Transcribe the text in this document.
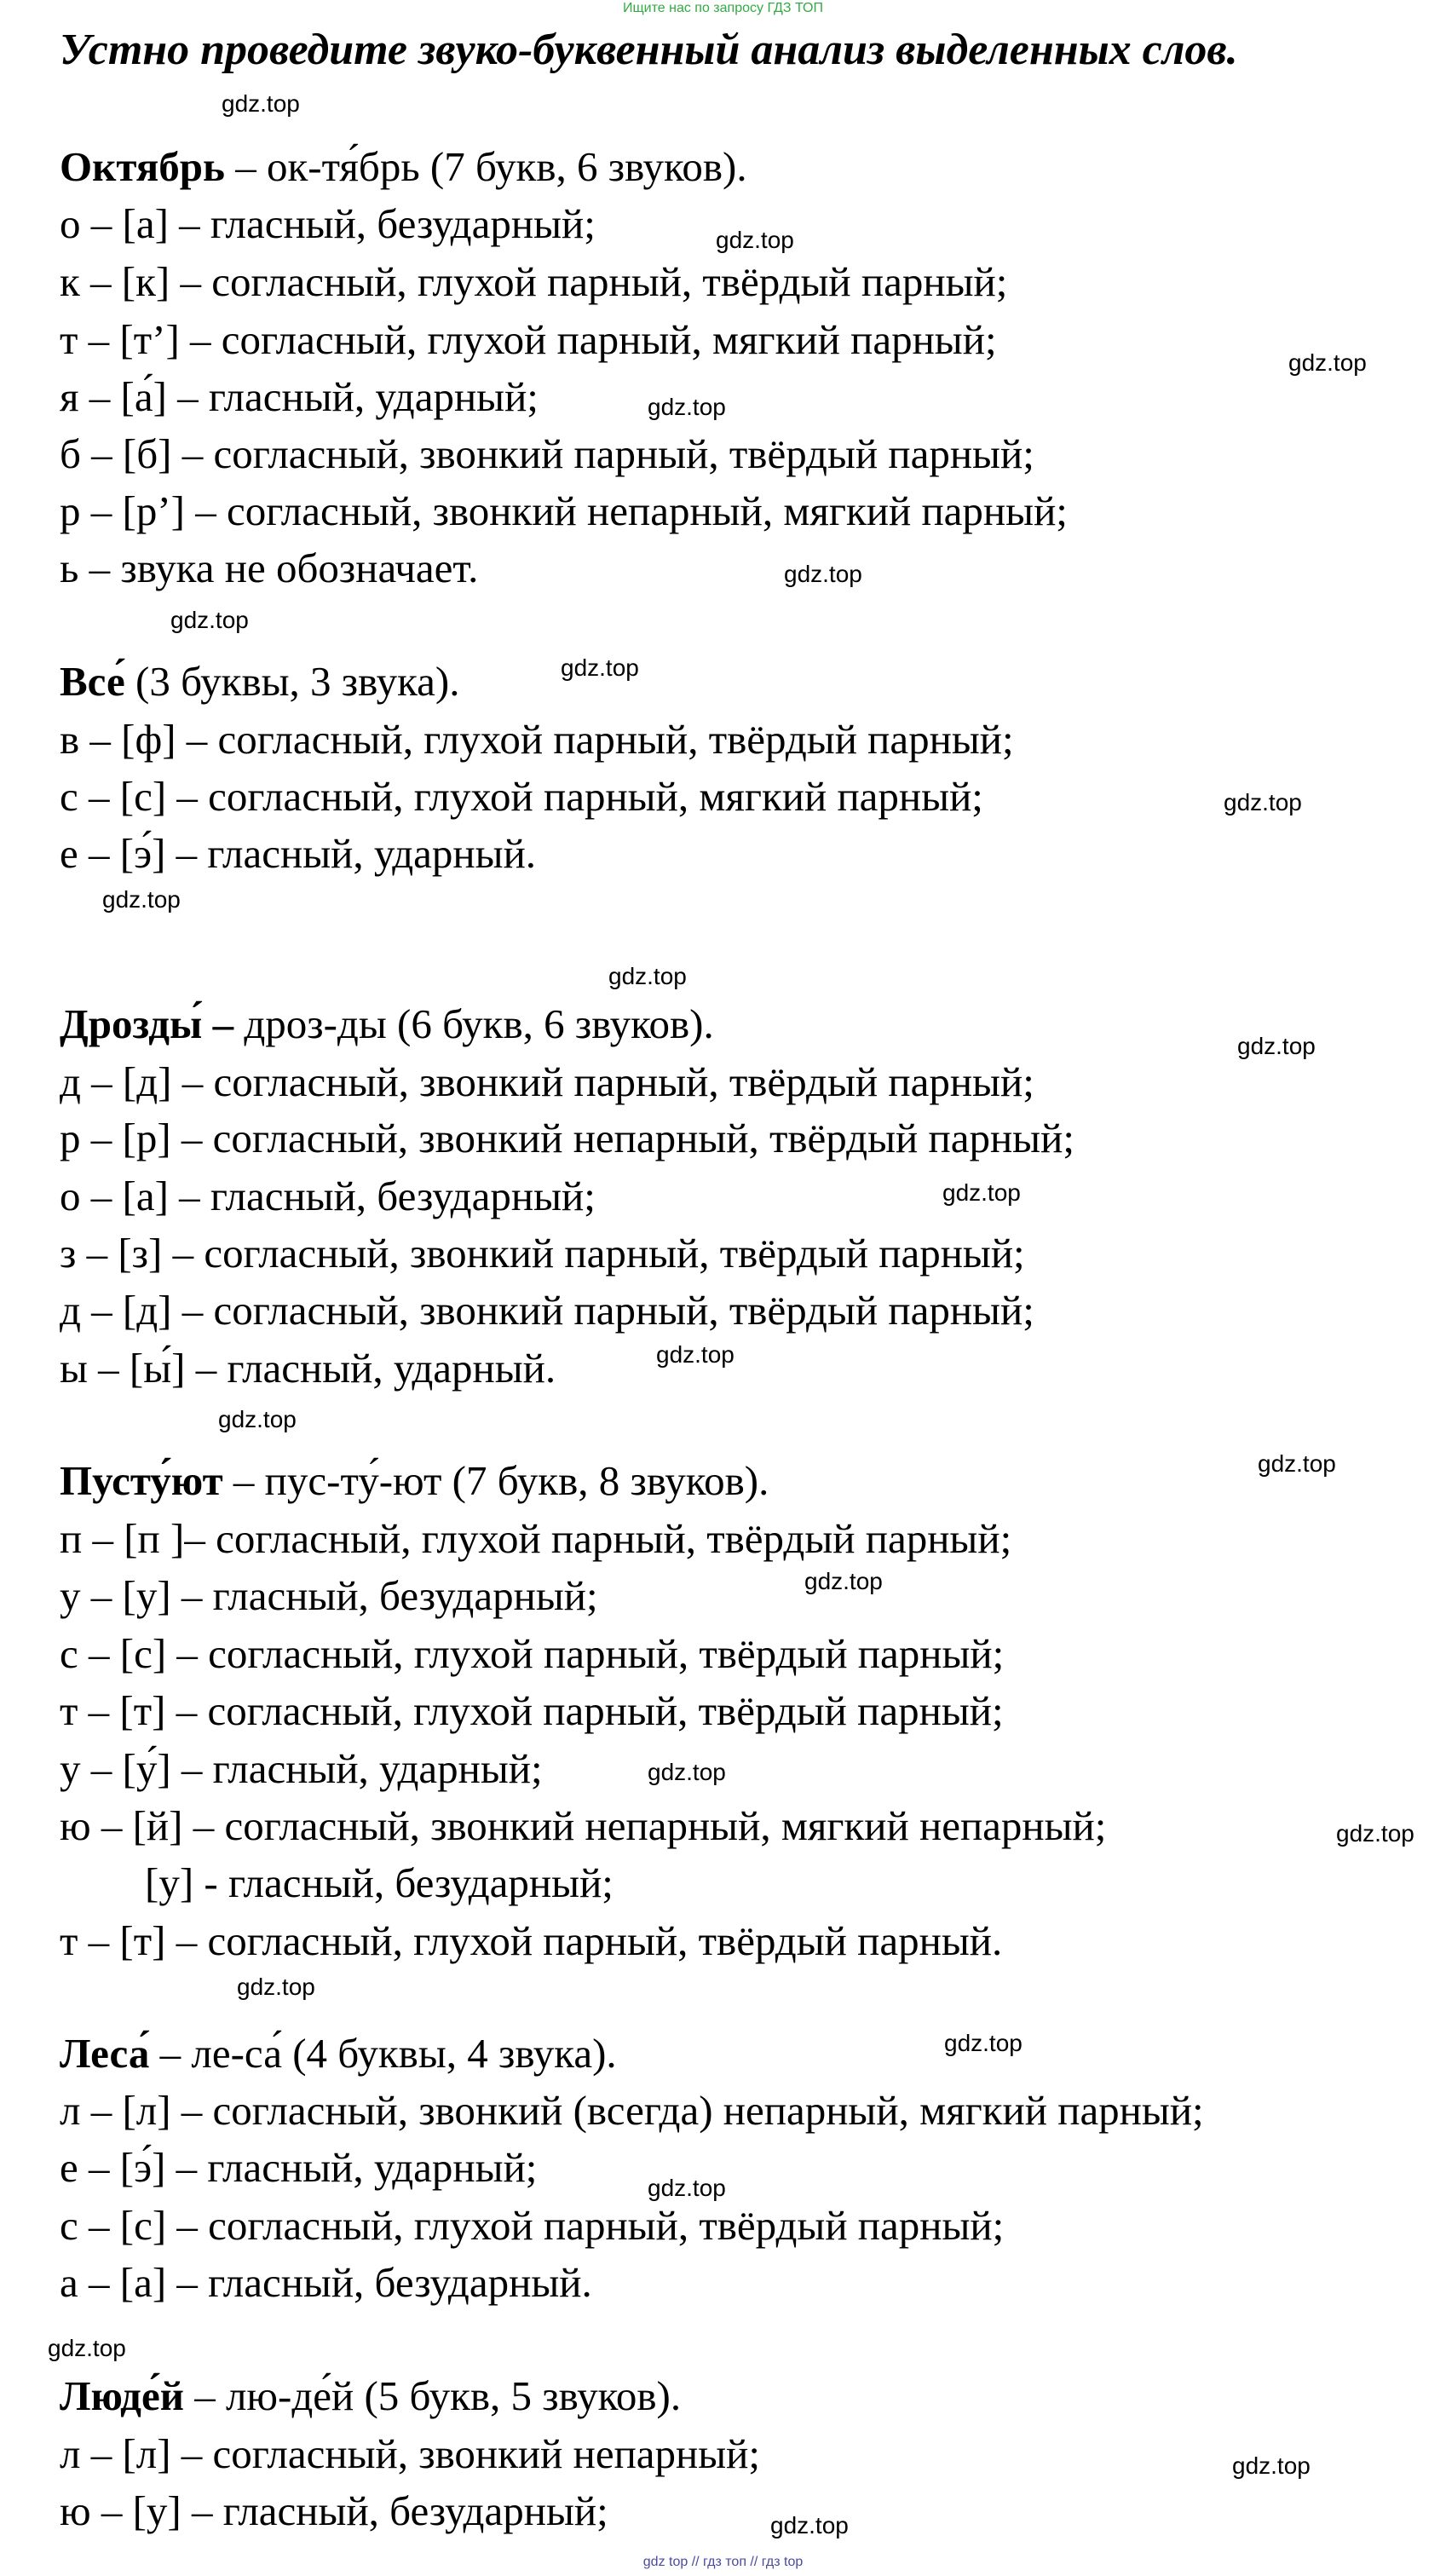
Ищите нас по запросу ГДЗ ТОП
Устно проведите звуко-буквенный анализ выделенных слов.
Октябрь – ок-тя́брь (7 букв, 6 звуков).
о – [а] – гласный, безударный;
к – [к] – согласный, глухой парный, твёрдый парный;
т – [т’] – согласный, глухой парный, мягкий парный;
я – [а́] – гласный, ударный;
б – [б] – согласный, звонкий парный, твёрдый парный;
р – [р’] – согласный, звонкий непарный, мягкий парный;
ь – звука не обозначает.
Все́ (3 буквы, 3 звука).
в – [ф] – согласный, глухой парный, твёрдый парный;
с – [с] – согласный, глухой парный, мягкий парный;
е – [э́] – гласный, ударный.
Дрозды́ – дроз-ды (6 букв, 6 звуков).
д – [д] – согласный, звонкий парный, твёрдый парный;
р – [р] – согласный, звонкий непарный, твёрдый парный;
о – [а] – гласный, безударный;
з – [з] – согласный, звонкий парный, твёрдый парный;
д – [д] – согласный, звонкий парный, твёрдый парный;
ы – [ы́] – гласный, ударный.
Пусту́ют – пус-ту́-ют (7 букв, 8 звуков).
п – [п ]– согласный, глухой парный, твёрдый парный;
у – [у] – гласный, безударный;
с – [с] – согласный, глухой парный, твёрдый парный;
т – [т] – согласный, глухой парный, твёрдый парный;
у – [у́] – гласный, ударный;
ю – [й] – согласный, звонкий непарный, мягкий непарный;
[у] - гласный, безударный;
т – [т] – согласный, глухой парный, твёрдый парный.
Леса́ – ле-са́ (4 буквы, 4 звука).
л – [л] – согласный, звонкий (всегда) непарный, мягкий парный;
е – [э́] – гласный, ударный;
с – [с] – согласный, глухой парный, твёрдый парный;
а – [а] – гласный, безударный.
Люде́й – лю-де́й (5 букв, 5 звуков).
л – [л] – согласный, звонкий непарный;
ю – [у] – гласный, безударный;
gdz.top
gdz.top
gdz.top
gdz.top
gdz.top
gdz.top
gdz.top
gdz.top
gdz.top
gdz.top
gdz.top
gdz.top
gdz.top
gdz.top
gdz.top
gdz.top
gdz.top
gdz.top
gdz.top
gdz.top
gdz.top
gdz.top
gdz.top
gdz.top
gdz top // гдз топ // гдз top
